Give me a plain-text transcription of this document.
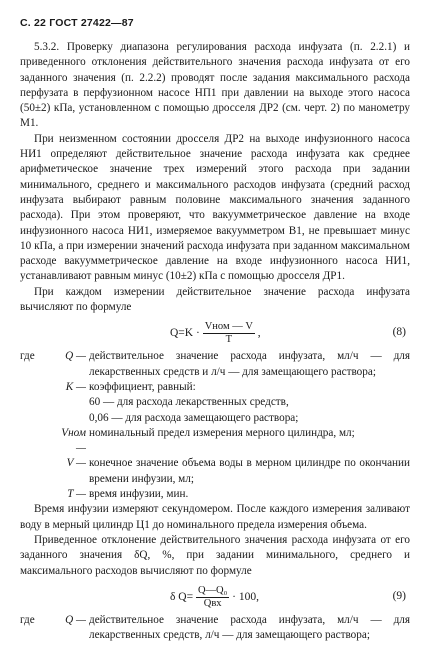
С. 22 ГОСТ 27422—87

5.3.2. Проверку диапазона регулирования расхода инфузата (п. 2.2.1) и приведенного отклонения действительного значения расхода инфузата от его заданного значения (п. 2.2.2) проводят после задания максимального расхода перфузата в перфузионном насосе НП1 при давлении на выходе этого насоса (50±2) кПа, установленном с помощью дросселя ДР2 (см. черт. 2) по манометру М1.

При неизменном состоянии дросселя ДР2 на выходе инфузионного насоса НИ1 определяют действительное значение расхода инфузата как среднее арифметическое значение трех измерений этого расхода при задании минимального, среднего и максимального расходов инфузата (средний расход инфузата выбирают равным половине максимального значения заданного расхода). При этом проверяют, что вакуумметрическое давление на входе инфузионного насоса НИ1, измеряемое вакуумметром В1, не превышает минус 10 кПа, а при измерении значений расхода инфузата при заданном максимальном расходе вакуумметрическое давление на входе инфузионного насоса НИ1, устанавливают равным минус (10±2) кПа с помощью дросселя ДР1.

При каждом измерении действительное значение расхода инфузата вычисляют по формуле

$Q=K \cdot \frac{\text{Vном — V}}{T}$ ,	(8)
где	Q —	действительное значение расхода инфузата, мл/ч — для лекарственных средств и л/ч — для замещающего раствора;
	K —	коэффициент, равный:
		60 — для расхода лекарственных средств,
		0,06 — для расхода замещающего раствора;
	Vном —	номинальный предел измерения мерного цилиндра, мл;
	V —	конечное значение объема воды в мерном цилиндре по окончании времени инфузии, мл;
	T —	время инфузии, мин.

Время инфузии измеряют секундомером. После каждого измерения заливают воду в мерный цилиндр Ц1 до номинального предела измерения объема.

Приведенное отклонение действительного значения расхода инфузата от его заданного значения δQ, %, при задании минимального, среднего и максимального расходов вычисляют по формуле

δ $Q= \frac{\text{Q—Q₀}}{\text{Qвх}} \cdot 100$,	(9)
где	Q —	действительное значение расхода инфузата, мл/ч — для лекарственных средств, л/ч — для замещающего раствора;
